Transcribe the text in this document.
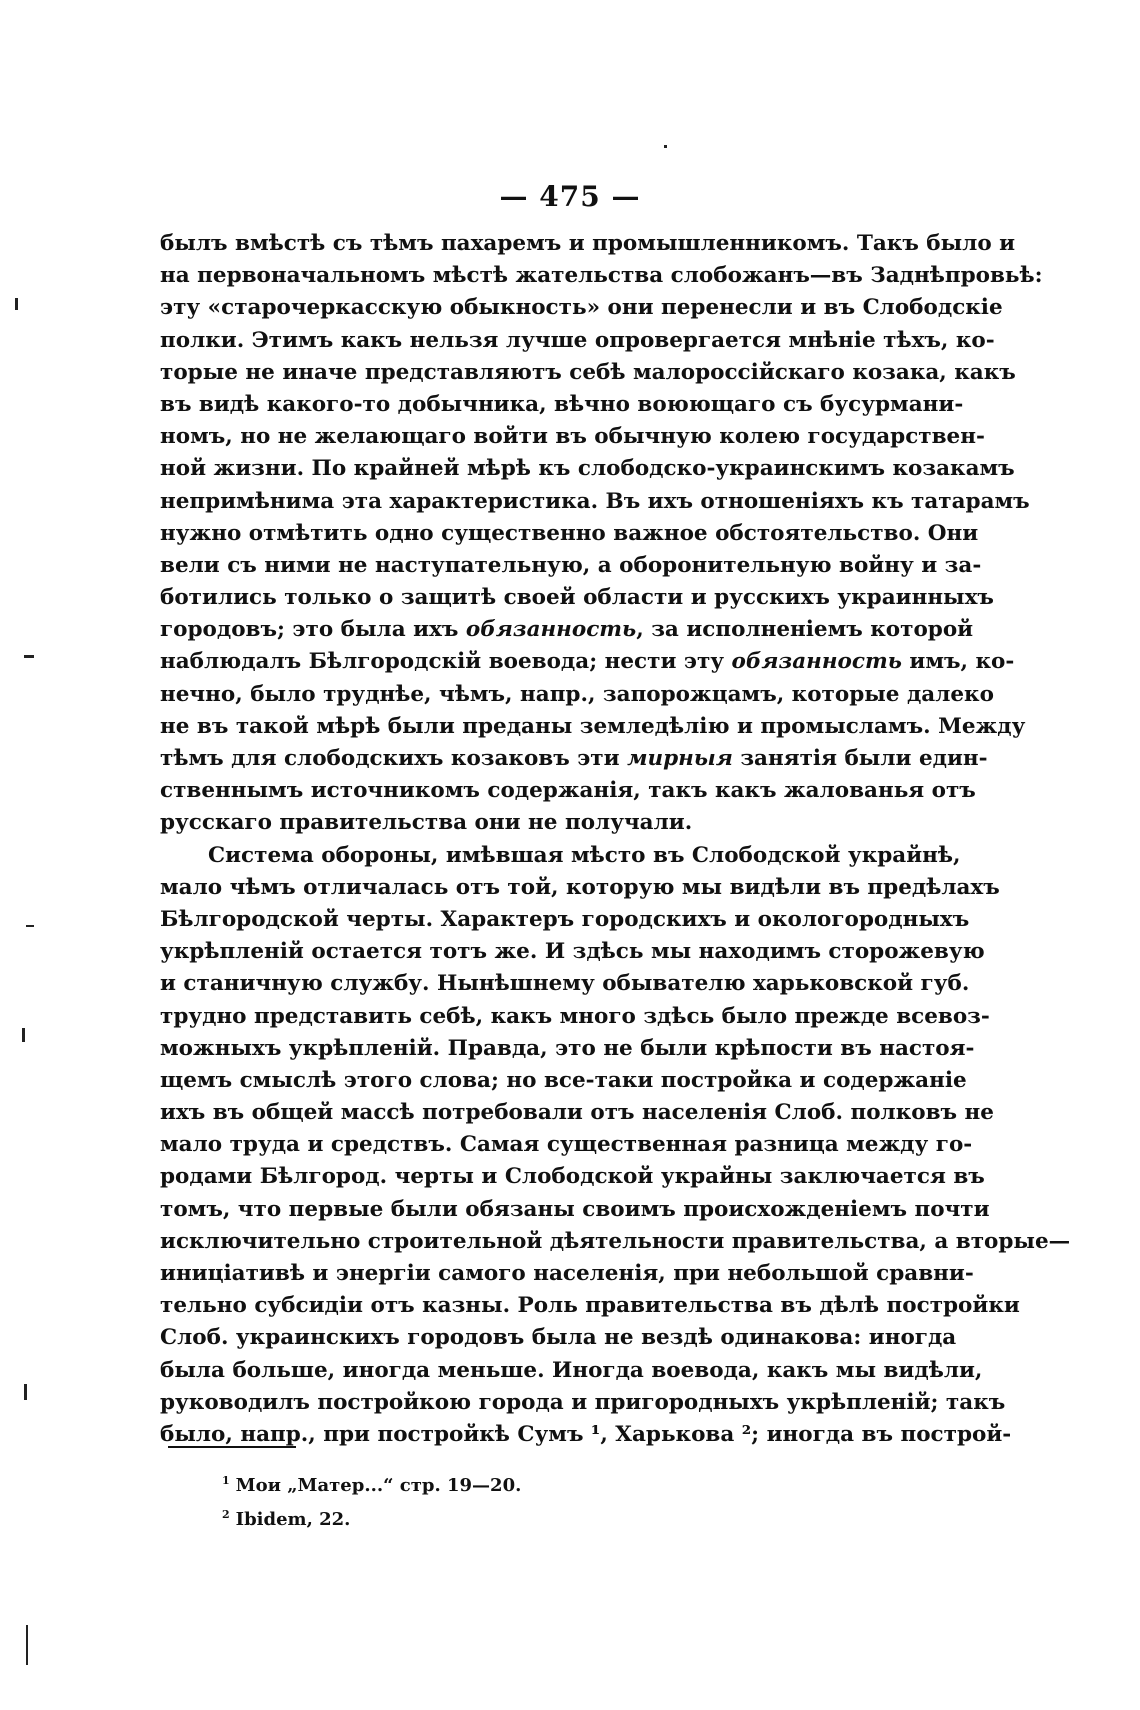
— 475 —
былъ вмѣстѣ съ тѣмъ пахаремъ и промышленникомъ. Такъ было и
на первоначальномъ мѣстѣ жательства слобожанъ—въ Заднѣпровьѣ:
эту «старочеркасскую обыкность» они перенесли и въ Слободскіе
полки. Этимъ какъ нельзя лучше опровергается мнѣніе тѣхъ, ко-
торые не иначе представляютъ себѣ малороссійскаго козака, какъ
въ видѣ какого-то добычника, вѣчно воюющаго съ бусурмани-
номъ, но не желающаго войти въ обычную колею государствен-
ной жизни. По крайней мѣрѣ къ слободско-украинскимъ козакамъ
непримѣнима эта характеристика. Въ ихъ отношеніяхъ къ татарамъ
нужно отмѣтить одно существенно важное обстоятельство. Они
вели съ ними не наступательную, а оборонительную войну и за-
ботились только о защитѣ своей области и русскихъ украинныхъ
городовъ; это была ихъ обязанность, за исполненіемъ которой
наблюдалъ Бѣлгородскій воевода; нести эту обязанность имъ, ко-
нечно, было труднѣе, чѣмъ, напр., запорожцамъ, которые далеко
не въ такой мѣрѣ были преданы земледѣлію и промысламъ. Между
тѣмъ для слободскихъ козаковъ эти мирныя занятія были един-
ственнымъ источникомъ содержанія, такъ какъ жалованья отъ
русскаго правительства они не получали.
Система обороны, имѣвшая мѣсто въ Слободской украйнѣ,
мало чѣмъ отличалась отъ той, которую мы видѣли въ предѣлахъ
Бѣлгородской черты. Характеръ городскихъ и окологородныхъ
укрѣпленій остается тотъ же. И здѣсь мы находимъ сторожевую
и станичную службу. Нынѣшнему обывателю харьковской губ.
трудно представить себѣ, какъ много здѣсь было прежде всевоз-
можныхъ укрѣпленій. Правда, это не были крѣпости въ настоя-
щемъ смыслѣ этого слова; но все-таки постройка и содержаніе
ихъ въ общей массѣ потребовали отъ населенія Слоб. полковъ не
мало труда и средствъ. Самая существенная разница между го-
родами Бѣлгород. черты и Слободской украйны заключается въ
томъ, что первые были обязаны своимъ происхожденіемъ почти
исключительно строительной дѣятельности правительства, а вторые—
иниціативѣ и энергіи самого населенія, при небольшой сравни-
тельно субсидіи отъ казны. Роль правительства въ дѣлѣ постройки
Слоб. украинскихъ городовъ была не вездѣ одинакова: иногда
была больше, иногда меньше. Иногда воевода, какъ мы видѣли,
руководилъ постройкою города и пригородныхъ укрѣпленій; такъ
было, напр., при постройкѣ Сумъ ¹, Харькова ²; иногда въ построй-
$^1$ Мои „Матер...“ стр. 19—20.
$^2$ Ibidem, 22.
